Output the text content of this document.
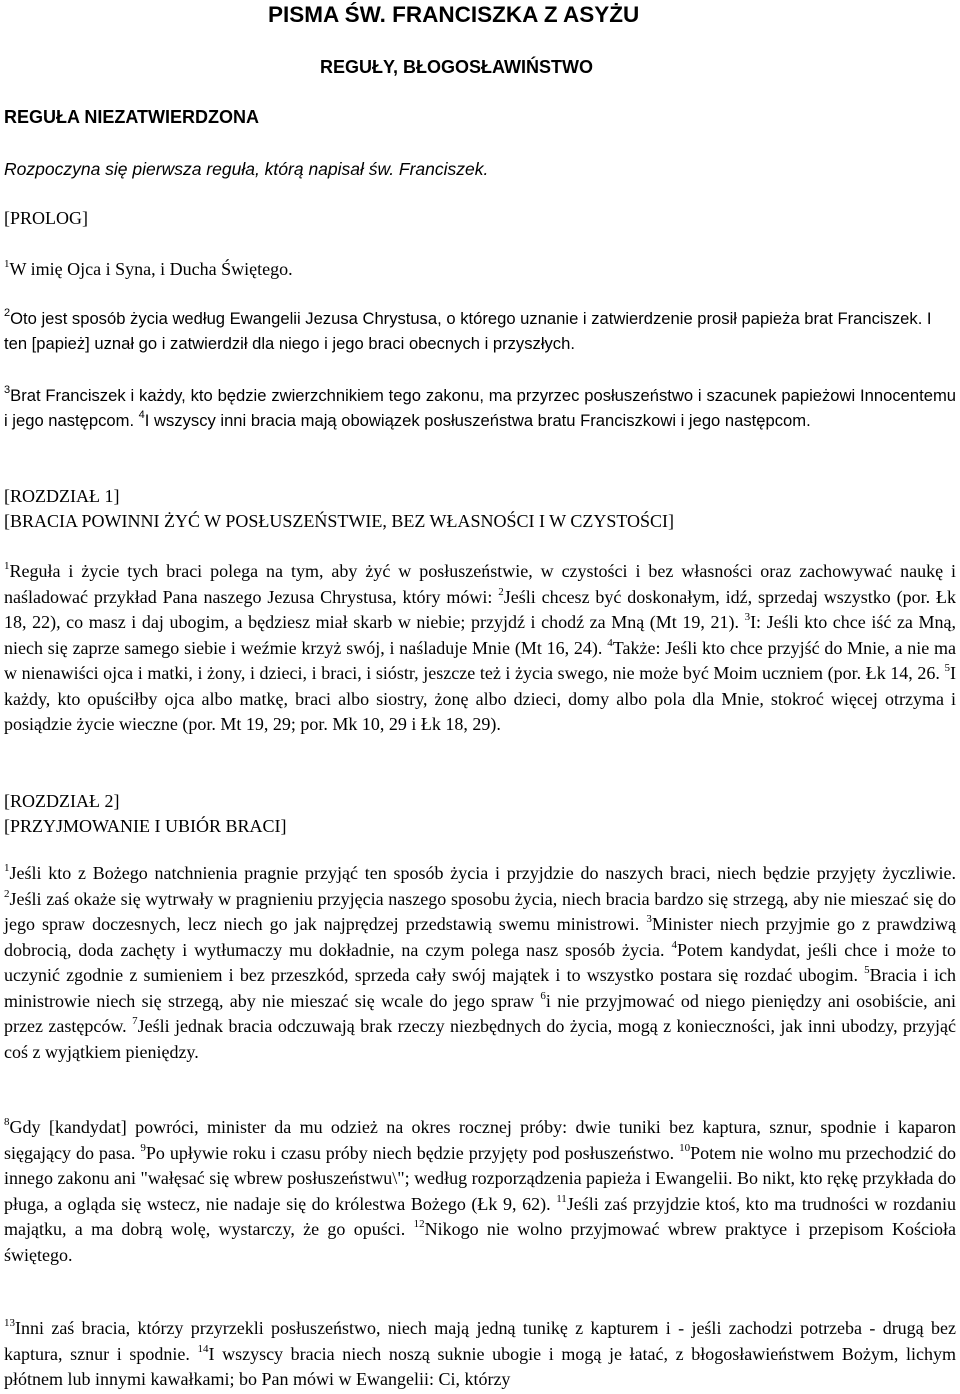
PISMA ŚW. FRANCISZKA Z ASYŻU
REGUŁY, BŁOGOSŁAWIŃSTWO
REGUŁA NIEZATWIERDZONA
Rozpoczyna się pierwsza reguła, którą napisał św. Franciszek.
[PROLOG]

$^1$W imię Ojca i Syna, i Ducha Świętego.

$^2$Oto jest sposób życia według Ewangelii Jezusa Chrystusa, o którego uznanie i zatwierdzenie prosił papieża brat Franciszek. I ten [papież] uznał go i zatwierdził dla niego i jego braci obecnych i przyszłych.

$^3$Brat Franciszek i każdy, kto będzie zwierzchnikiem tego zakonu, ma przyrzec posłuszeństwo i szacunek papieżowi Innocentemu i jego następcom. $^4$I wszyscy inni bracia mają obowiązek posłuszeństwa bratu Franciszkowi i jego następcom.

[ROZDZIAŁ 1]
[BRACIA POWINNI ŻYĆ W POSŁUSZEŃSTWIE, BEZ WŁASNOŚCI I W CZYSTOŚCI]

$^1$Reguła i życie tych braci polega na tym, aby żyć w posłuszeństwie, w czystości i bez własności oraz zachowywać naukę i naśladować przykład Pana naszego Jezusa Chrystusa, który mówi: $^2$Jeśli chcesz być doskonałym, idź, sprzedaj wszystko (por. Łk 18, 22), co masz i daj ubogim, a będziesz miał skarb w niebie; przyjdź i chodź za Mną (Mt 19, 21). $^3$I: Jeśli kto chce iść za Mną, niech się zaprze samego siebie i weźmie krzyż swój, i naśladuje Mnie (Mt 16, 24). $^4$Także: Jeśli kto chce przyjść do Mnie, a nie ma w nienawiści ojca i matki, i żony, i dzieci, i braci, i sióstr, jeszcze też i życia swego, nie może być Moim uczniem (por. Łk 14, 26. $^5$I każdy, kto opuściłby ojca albo matkę, braci albo siostry, żonę albo dzieci, domy albo pola dla Mnie, stokroć więcej otrzyma i posiądzie życie wieczne (por. Mt 19, 29; por. Mk 10, 29 i Łk 18, 29).

[ROZDZIAŁ 2]
[PRZYJMOWANIE I UBIÓR BRACI]

$^1$Jeśli kto z Bożego natchnienia pragnie przyjąć ten sposób życia i przyjdzie do naszych braci, niech będzie przyjęty życzliwie. $^2$Jeśli zaś okaże się wytrwały w pragnieniu przyjęcia naszego sposobu życia, niech bracia bardzo się strzegą, aby nie mieszać się do jego spraw doczesnych, lecz niech go jak najprędzej przedstawią swemu ministrowi. $^3$Minister niech przyjmie go z prawdziwą dobrocią, doda zachęty i wytłumaczy mu dokładnie, na czym polega nasz sposób życia. $^4$Potem kandydat, jeśli chce i może to uczynić zgodnie z sumieniem i bez przeszkód, sprzeda cały swój majątek i to wszystko postara się rozdać ubogim. $^5$Bracia i ich ministrowie niech się strzegą, aby nie mieszać się wcale do jego spraw $^6$i nie przyjmować od niego pieniędzy ani osobiście, ani przez zastępców. $^7$Jeśli jednak bracia odczuwają brak rzeczy niezbędnych do życia, mogą z konieczności, jak inni ubodzy, przyjąć coś z wyjątkiem pieniędzy.

$^8$Gdy [kandydat] powróci, minister da mu odzież na okres rocznej próby: dwie tuniki bez kaptura, sznur, spodnie i kaparon sięgający do pasa. $^9$Po upływie roku i czasu próby niech będzie przyjęty pod posłuszeństwo. $^{10}$Potem nie wolno mu przechodzić do innego zakonu ani "wałęsać się wbrew posłuszeństwu\"; według rozporządzenia papieża i Ewangelii. Bo nikt, kto rękę przykłada do pługa, a ogląda się wstecz, nie nadaje się do królestwa Bożego (Łk 9, 62). $^{11}$Jeśli zaś przyjdzie ktoś, kto ma trudności w rozdaniu majątku, a ma dobrą wolę, wystarczy, że go opuści. $^{12}$Nikogo nie wolno przyjmować wbrew praktyce i przepisom Kościoła świętego.

$^{13}$Inni zaś bracia, którzy przyrzekli posłuszeństwo, niech mają jedną tunikę z kapturem i - jeśli zachodzi potrzeba - drugą bez kaptura, sznur i spodnie. $^{14}$I wszyscy bracia niech noszą suknie ubogie i mogą je łatać, z błogosławieństwem Bożym, lichym płótnem lub innymi kawałkami; bo Pan mówi w Ewangelii: Ci, którzy
